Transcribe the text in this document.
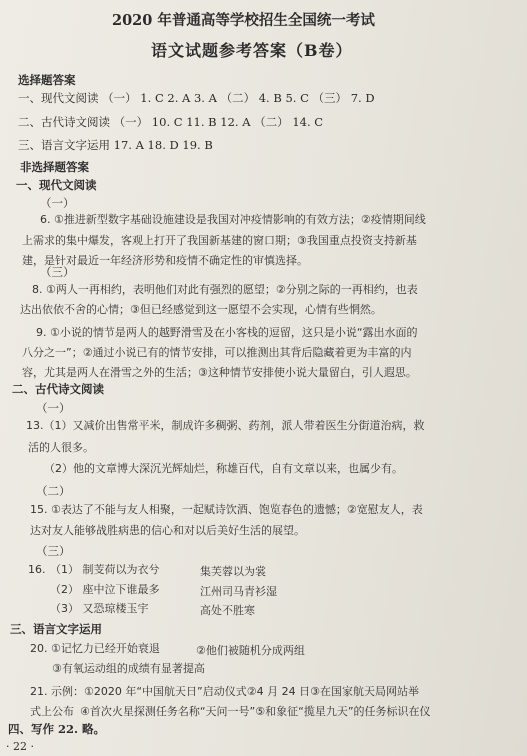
2020 年普通高等学校招生全国统一考试
语文试题参考答案（B卷）
选择题答案
一、现代文阅读 （一） 1. C 2. A 3. A （二） 4. B 5. C （三） 7. D
二、古代诗文阅读 （一） 10. C 11. B 12. A （二） 14. C
三、语言文字运用 17. A 18. D 19. B
非选择题答案
一、现代文阅读
（一）
6. ①推进新型数字基础设施建设是我国对冲疫情影响的有效方法；②疫情期间线
上需求的集中爆发，客观上打开了我国新基建的窗口期；③我国重点投资支持新基
建，是针对最近一年经济形势和疫情不确定性的审慎选择。
（三）
8. ①两人一再相约，表明他们对此有强烈的愿望；②分别之际的一再相约，也表
达出依依不舍的心情；③但已经感觉到这一愿望不会实现，心情有些惘然。
9. ①小说的情节是两人的越野滑雪及在小客栈的逗留，这只是小说“露出水面的
八分之一”；②通过小说已有的情节安排，可以推测出其背后隐藏着更为丰富的内
容，尤其是两人在滑雪之外的生活；③这种情节安排使小说大量留白，引人遐思。
二、古代诗文阅读
（一）
13.（1）又减价出售常平米，制成许多稠粥、药剂，派人带着医生分街道治病，救
活的人很多。
（2）他的文章博大深沉光辉灿烂，称雄百代，自有文章以来，也属少有。
（二）
15. ①表达了不能与友人相聚，一起赋诗饮酒、饱览春色的遗憾；②宽慰友人，表
达对友人能够战胜病患的信心和对以后美好生活的展望。
（三）
16. （1） 制芰荷以为衣兮	集芙蓉以为裳
（2） 座中泣下谁最多	江州司马青衫湿
（3） 又恐琼楼玉宇	高处不胜寒
三、语言文字运用
20. ①记忆力已经开始衰退	②他们被随机分成两组
③有氧运动组的成绩有显著提高
21. 示例：①2020 年“中国航天日”启动仪式②4 月 24 日③在国家航天局网站举
式上公布 ④首次火星探测任务名称“天问一号”⑤和象征“揽星九天”的任务标识在仪
四、写作 22. 略。
· 22 ·
